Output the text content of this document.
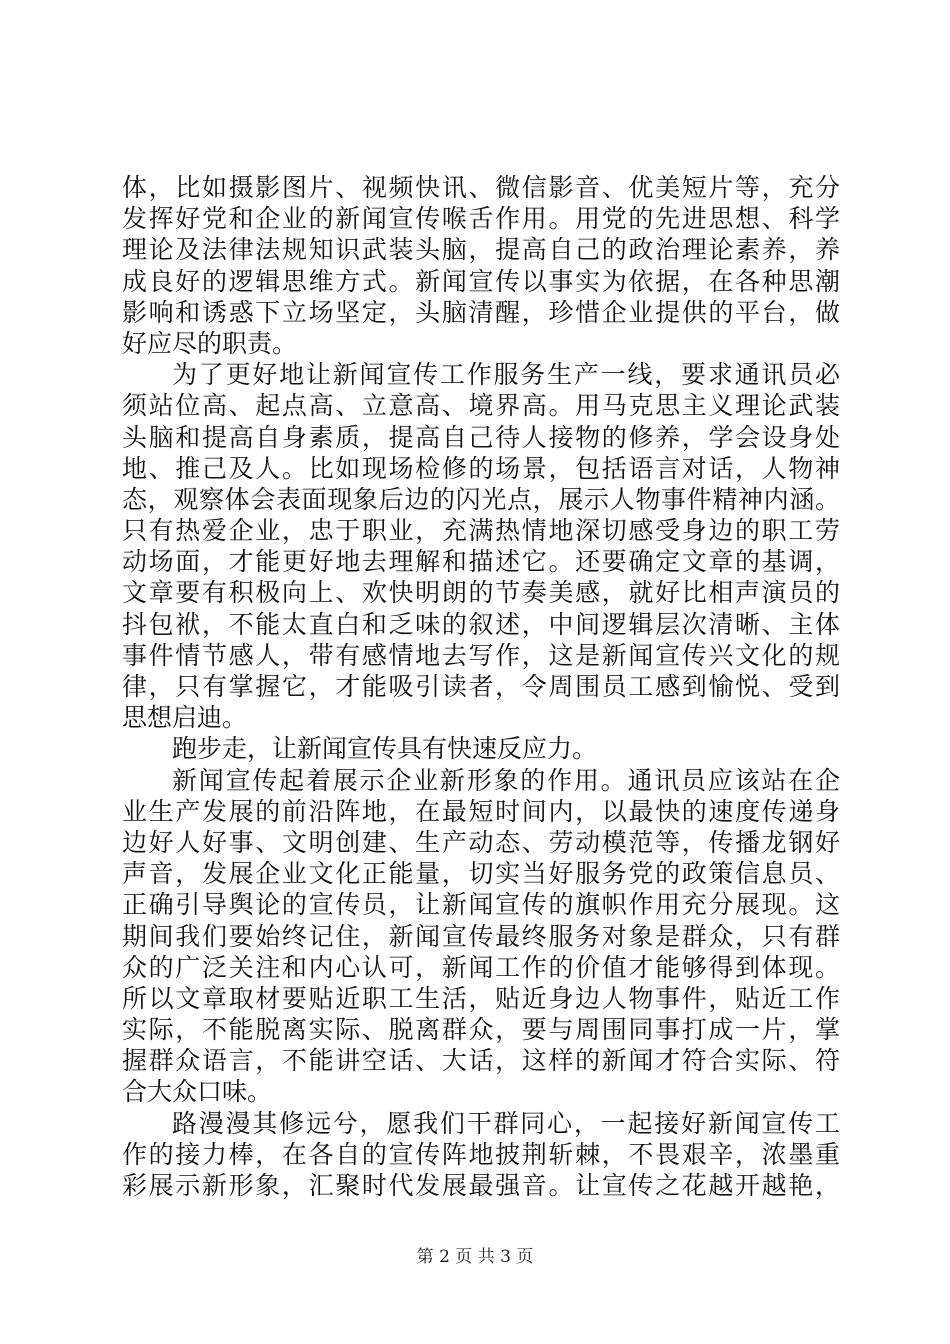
体，比如摄影图片、视频快讯、微信影音、优美短片等，充分
发挥好党和企业的新闻宣传喉舌作用。用党的先进思想、科学
理论及法律法规知识武装头脑，提高自己的政治理论素养，养
成良好的逻辑思维方式。新闻宣传以事实为依据，在各种思潮
影响和诱惑下立场坚定，头脑清醒，珍惜企业提供的平台，做
好应尽的职责。
为了更好地让新闻宣传工作服务生产一线，要求通讯员必
须站位高、起点高、立意高、境界高。用马克思主义理论武装
头脑和提高自身素质，提高自己待人接物的修养，学会设身处
地、推己及人。比如现场检修的场景，包括语言对话，人物神
态，观察体会表面现象后边的闪光点，展示人物事件精神内涵。
只有热爱企业，忠于职业，充满热情地深切感受身边的职工劳
动场面，才能更好地去理解和描述它。还要确定文章的基调，
文章要有积极向上、欢快明朗的节奏美感，就好比相声演员的
抖包袱，不能太直白和乏味的叙述，中间逻辑层次清晰、主体
事件情节感人，带有感情地去写作，这是新闻宣传兴文化的规
律，只有掌握它，才能吸引读者，令周围员工感到愉悦、受到
思想启迪。
跑步走，让新闻宣传具有快速反应力。
新闻宣传起着展示企业新形象的作用。通讯员应该站在企
业生产发展的前沿阵地，在最短时间内，以最快的速度传递身
边好人好事、文明创建、生产动态、劳动模范等，传播龙钢好
声音，发展企业文化正能量，切实当好服务党的政策信息员、
正确引导舆论的宣传员，让新闻宣传的旗帜作用充分展现。这
期间我们要始终记住，新闻宣传最终服务对象是群众，只有群
众的广泛关注和内心认可，新闻工作的价值才能够得到体现。
所以文章取材要贴近职工生活，贴近身边人物事件，贴近工作
实际，不能脱离实际、脱离群众，要与周围同事打成一片，掌
握群众语言，不能讲空话、大话，这样的新闻才符合实际、符
合大众口味。
路漫漫其修远兮，愿我们干群同心，一起接好新闻宣传工
作的接力棒，在各自的宣传阵地披荆斩棘，不畏艰辛，浓墨重
彩展示新形象，汇聚时代发展最强音。让宣传之花越开越艳，
第 2 页 共 3 页
